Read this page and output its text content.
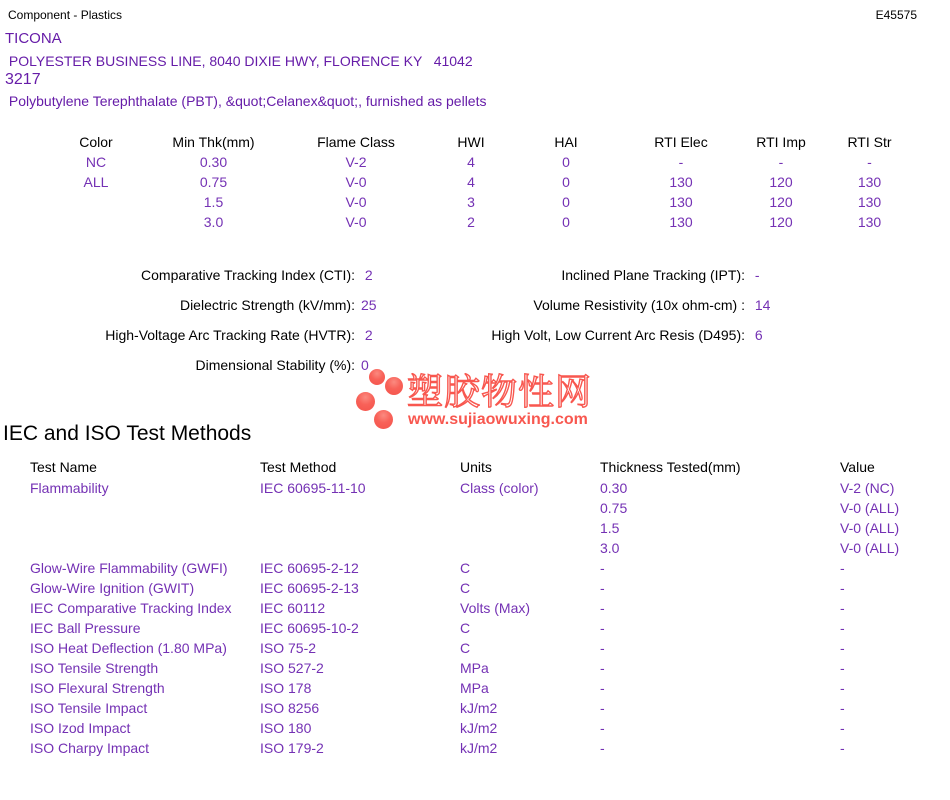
Component - Plastics	E45575
TICONA
POLYESTER BUSINESS LINE, 8040 DIXIE HWY, FLORENCE KY   41042
3217
Polybutylene Terephthalate (PBT), &quot;Celanex&quot;, furnished as pellets
Color	Min Thk(mm)	Flame Class	HWI	HAI	RTI Elec	RTI Imp	RTI Str
NC	0.30	V-2	4	0	-	-	-
ALL	0.75	V-0	4	0	130	120	130
	1.5	V-0	3	0	130	120	130
	3.0	V-0	2	0	130	120	130
Comparative Tracking Index (CTI): 2
Dielectric Strength (kV/mm): 25
High-Voltage Arc Tracking Rate (HVTR): 2
Dimensional Stability (%): 0
Inclined Plane Tracking (IPT): -
Volume Resistivity (10x ohm-cm) : 14
High Volt, Low Current Arc Resis (D495): 6
塑胶物性网
www.sujiaowuxing.com
IEC and ISO Test Methods
Test Name	Test Method	Units	Thickness Tested(mm)	Value
Flammability	IEC 60695-11-10	Class (color)	0.30	V-2 (NC)
			0.75	V-0 (ALL)
			1.5	V-0 (ALL)
			3.0	V-0 (ALL)
Glow-Wire Flammability (GWFI)	IEC 60695-2-12	C	-	-
Glow-Wire Ignition (GWIT)	IEC 60695-2-13	C	-	-
IEC Comparative Tracking Index	IEC 60112	Volts (Max)	-	-
IEC Ball Pressure	IEC 60695-10-2	C	-	-
ISO Heat Deflection (1.80 MPa)	ISO 75-2	C	-	-
ISO Tensile Strength	ISO 527-2	MPa	-	-
ISO Flexural Strength	ISO 178	MPa	-	-
ISO Tensile Impact	ISO 8256	kJ/m2	-	-
ISO Izod Impact	ISO 180	kJ/m2	-	-
ISO Charpy Impact	ISO 179-2	kJ/m2	-	-
